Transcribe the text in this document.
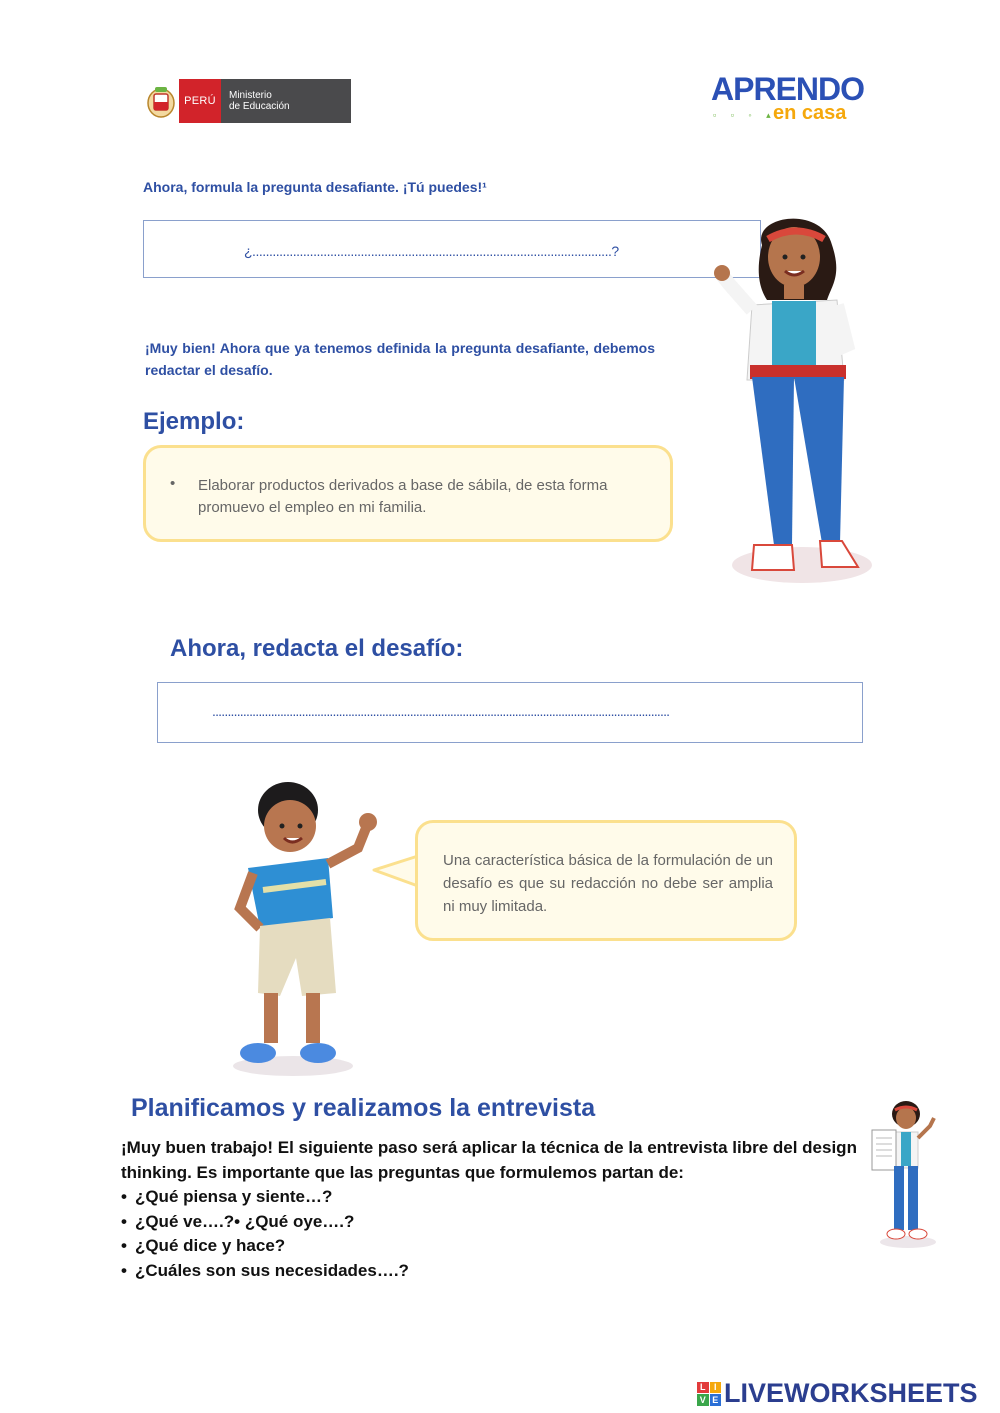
PERÚ	Ministerio
de Educación	APRENDO
▫ ▫ ◦ ▴
en casa
Ahora, formula la pregunta desafiante. ¡Tú puedes!¹
¿..........................................................................................................?
¡Muy bien! Ahora que ya tenemos definida la pregunta desafiante, debemos redactar el desafío.
Ejemplo:
• Elaborar productos derivados a base de sábila, de esta forma promuevo el empleo en mi familia.
Ahora, redacta el desafío:
....................................................................................................................................................
Una característica básica de la formulación de un desafío es que su redacción no debe ser amplia ni muy limitada.
Planificamos y realizamos la entrevista
¡Muy buen trabajo! El siguiente paso será aplicar la técnica de la entrevista libre del design thinking. Es importante que las preguntas que formulemos partan de:
• ¿Qué piensa y siente…?
• ¿Qué ve….?• ¿Qué oye….?
• ¿Qué dice y hace?
• ¿Cuáles son sus necesidades….?
L I
V E LIVEWORKSHEETS
